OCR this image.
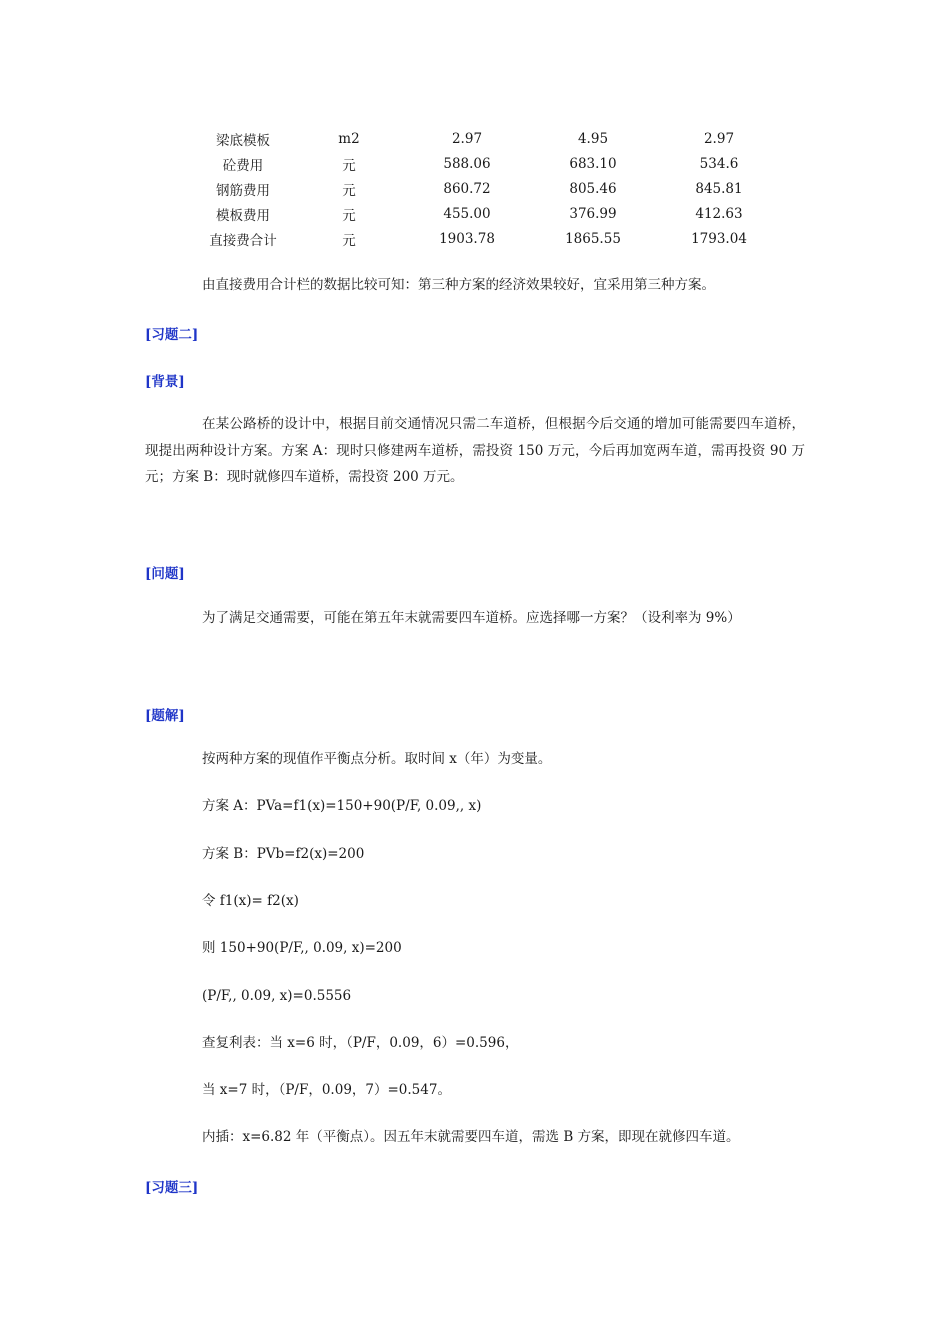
梁底模板	m2	2.97	4.95	2.97
砼费用	元	588.06	683.10	534.6
钢筋费用	元	860.72	805.46	845.81
模板费用	元	455.00	376.99	412.63
直接费合计	元	1903.78	1865.55	1793.04

由直接费用合计栏的数据比较可知：第三种方案的经济效果较好，宜采用第三种方案。

[习题二]

[背景]

在某公路桥的设计中，根据目前交通情况只需二车道桥，但根据今后交通的增加可能需要四车道桥，现提出两种设计方案。方案 A：现时只修建两车道桥，需投资 150 万元，今后再加宽两车道，需再投资 90 万元；方案 B：现时就修四车道桥，需投资 200 万元。

[问题]

为了满足交通需要，可能在第五年末就需要四车道桥。应选择哪一方案？（设利率为 9%）

[题解]

按两种方案的现值作平衡点分析。取时间 x（年）为变量。

方案 A：PVa=f1(x)=150+90(P/F, 0.09,, x)

方案 B：PVb=f2(x)=200

令 f1(x)= f2(x)

则 150+90(P/F,, 0.09, x)=200

(P/F,, 0.09, x)=0.5556

查复利表：当 x=6 时，（P/F，0.09，6）=0.596，

当 x=7 时，（P/F，0.09，7）=0.547。

内插：x=6.82 年（平衡点）。因五年末就需要四车道，需选 B 方案，即现在就修四车道。

[习题三]
